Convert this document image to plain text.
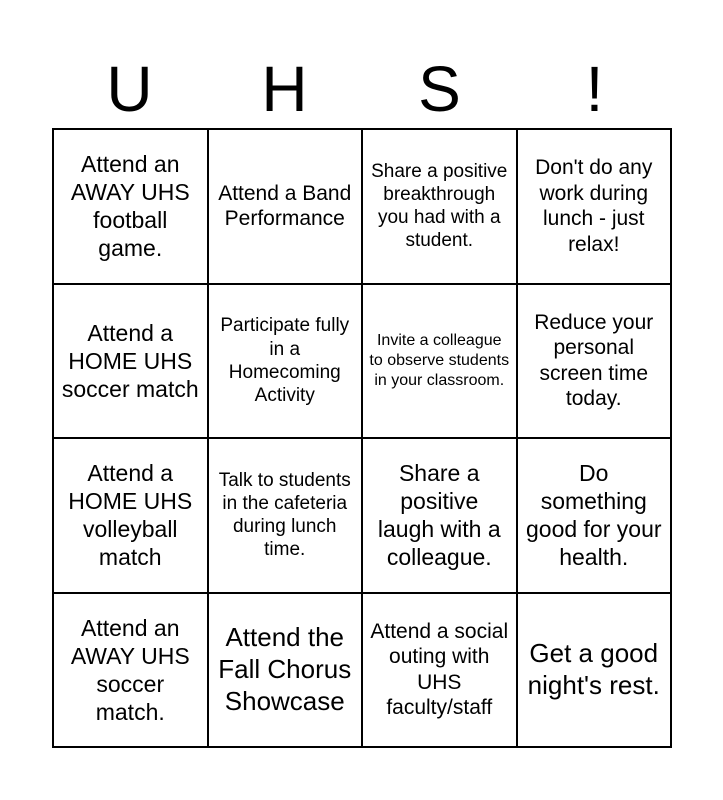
U	H	S	!
Attend an AWAY UHS football game.
Attend a Band Performance
Share a positive breakthrough you had with a student.
Don't do any work during lunch - just relax!
Attend a HOME UHS soccer match
Participate fully in a Homecoming Activity
Invite a colleague to observe students in your classroom.
Reduce your personal screen time today.
Attend a HOME UHS volleyball match
Talk to students in the cafeteria during lunch time.
Share a positive laugh with a colleague.
Do something good for your health.
Attend an AWAY UHS soccer match.
Attend the Fall Chorus Showcase
Attend a social outing with UHS faculty/staff
Get a good night's rest.
